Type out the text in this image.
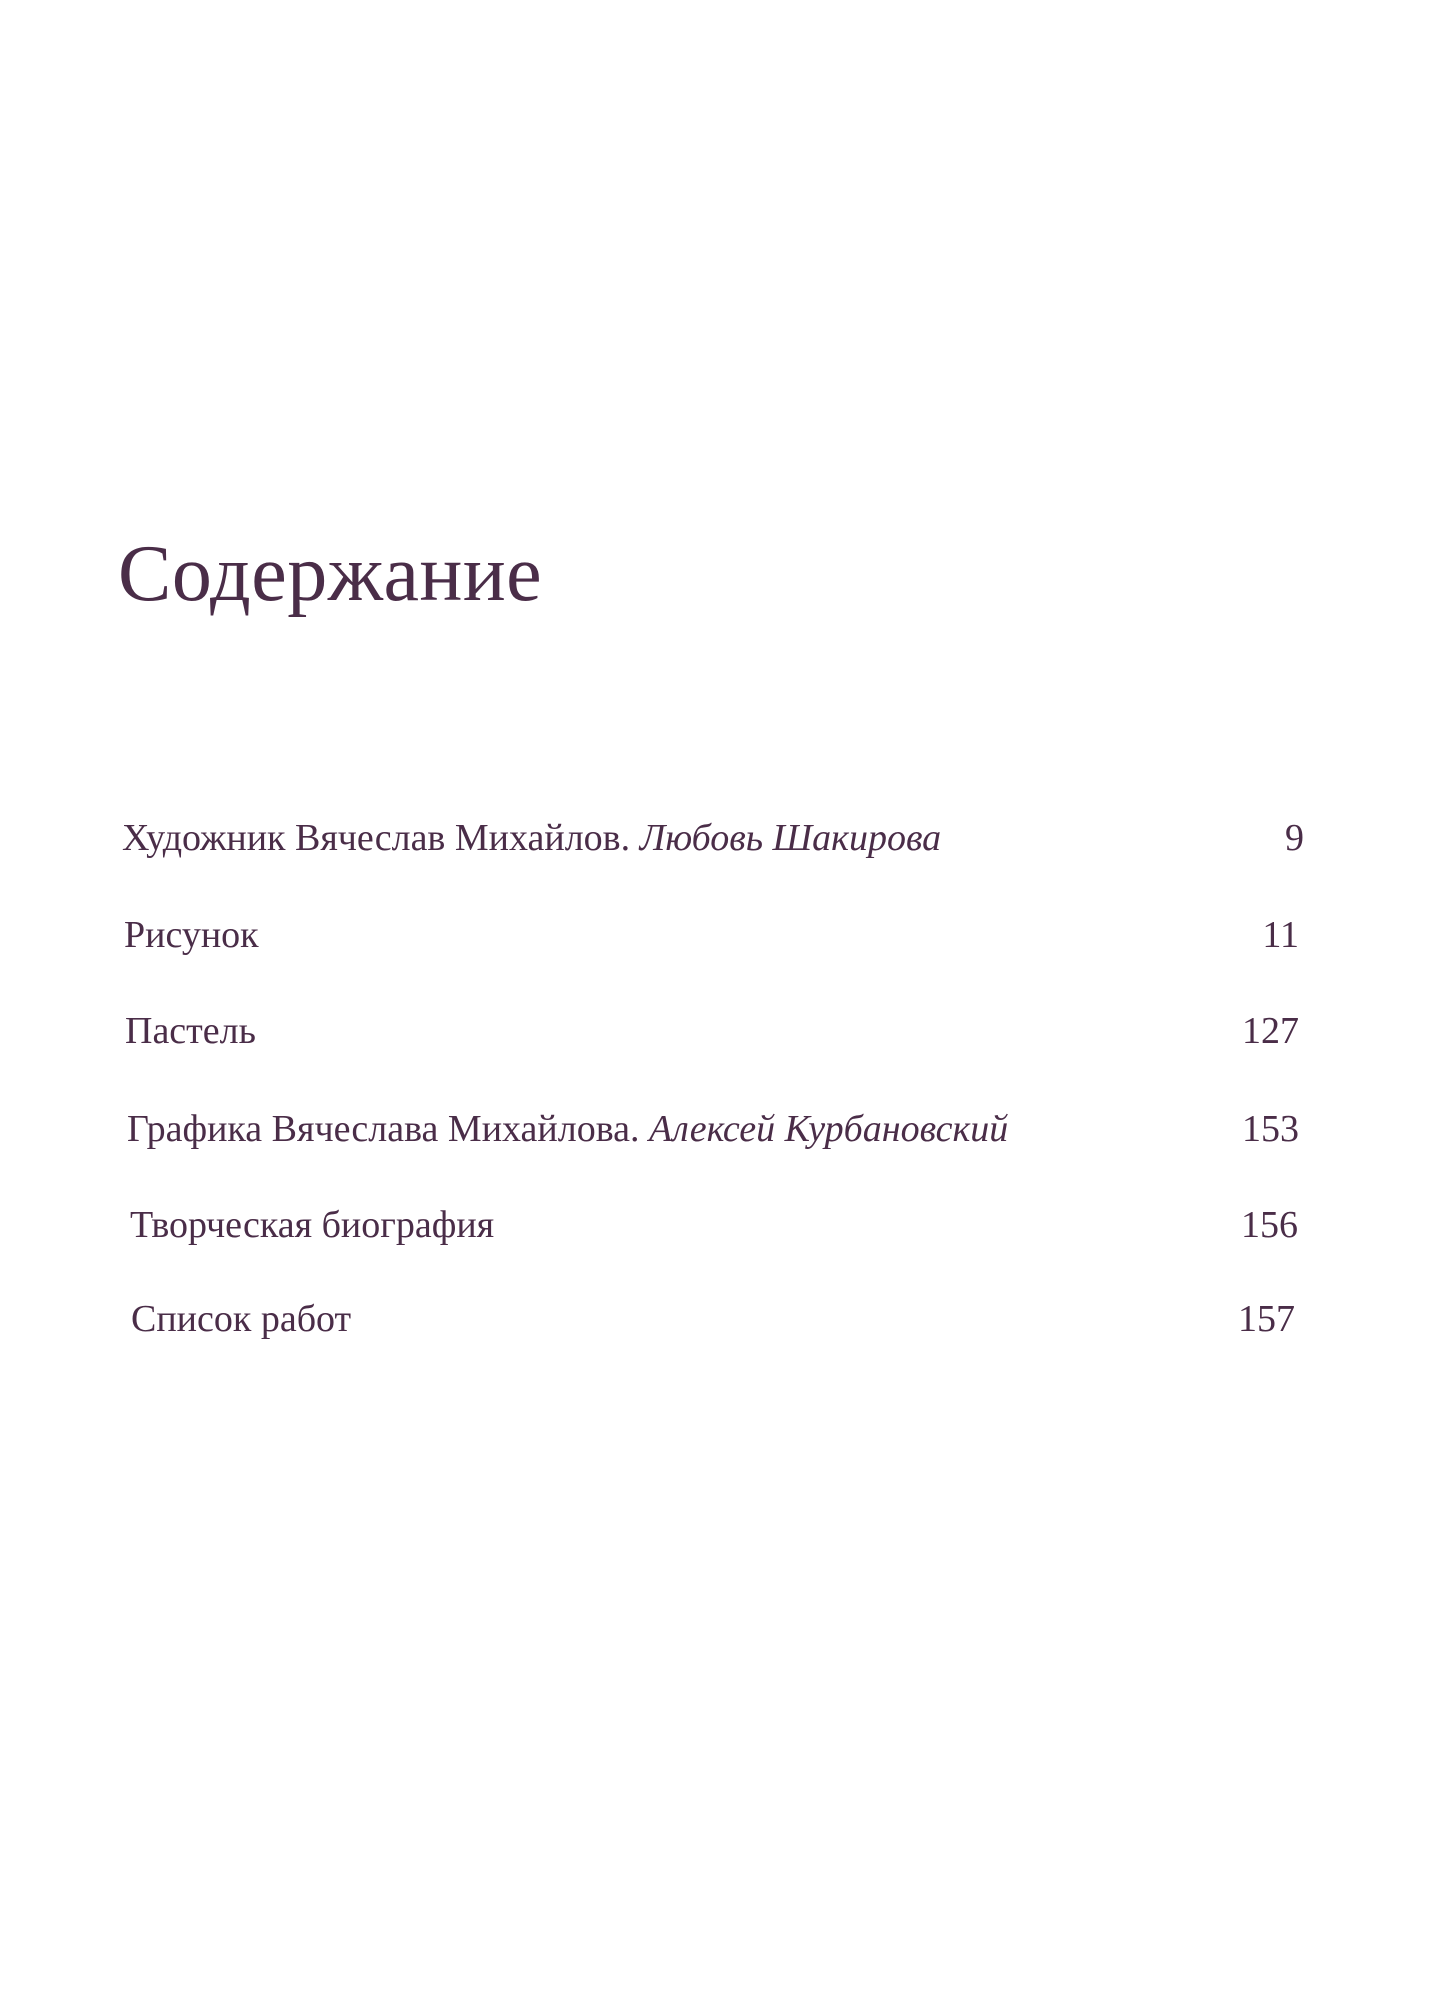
Содержание
Художник Вячеслав Михайлов. Любовь Шакирова	9
Рисунок	11
Пастель	127
Графика Вячеслава Михайлова. Алексей Курбановский	153
Творческая биография	156
Список работ	157
